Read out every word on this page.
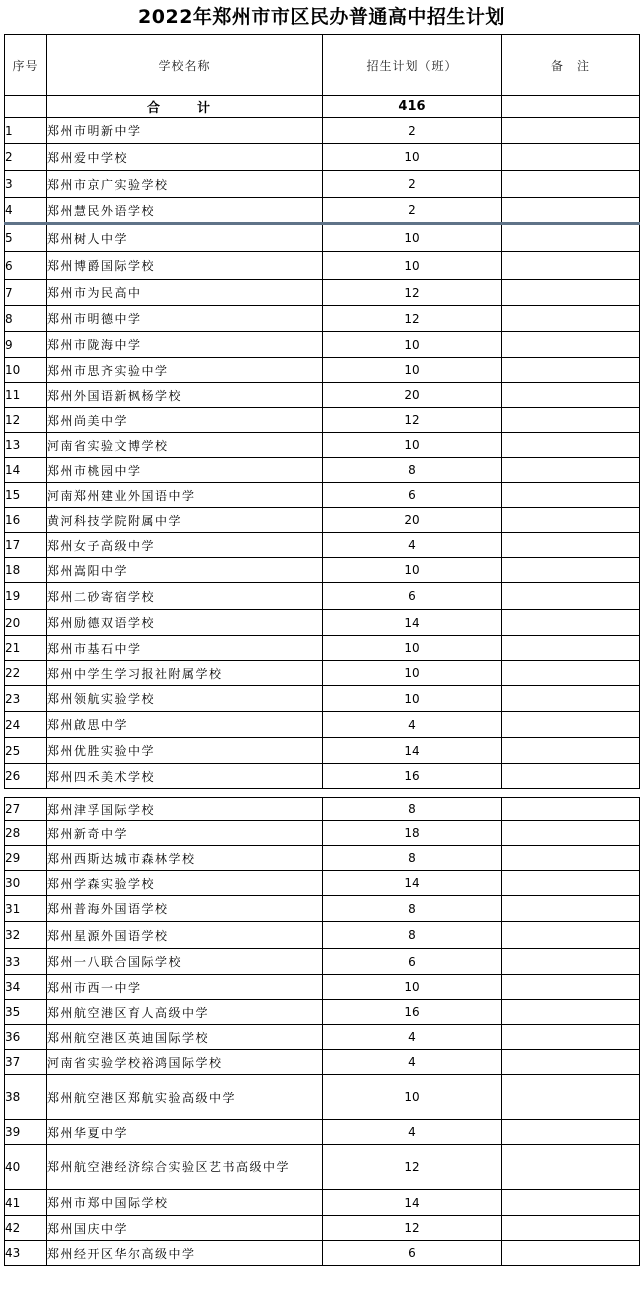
2022年郑州市市区民办普通高中招生计划
序号	学校名称	招生计划（班）	备　注
	合　计	416	
1	郑州市明新中学	2	
2	郑州爱中学校	10	
3	郑州市京广实验学校	2	
4	郑州慧民外语学校	2	
5	郑州树人中学	10	
6	郑州博爵国际学校	10	
7	郑州市为民高中	12	
8	郑州市明德中学	12	
9	郑州市陇海中学	10	
10	郑州市思齐实验中学	10	
11	郑州外国语新枫杨学校	20	
12	郑州尚美中学	12	
13	河南省实验文博学校	10	
14	郑州市桃园中学	8	
15	河南郑州建业外国语中学	6	
16	黄河科技学院附属中学	20	
17	郑州女子高级中学	4	
18	郑州嵩阳中学	10	
19	郑州二砂寄宿学校	6	
20	郑州励德双语学校	14	
21	郑州市基石中学	10	
22	郑州中学生学习报社附属学校	10	
23	郑州领航实验学校	10	
24	郑州啟思中学	4	
25	郑州优胜实验中学	14	
26	郑州四禾美术学校	16	

27	郑州津孚国际学校	8	
28	郑州新奇中学	18	
29	郑州西斯达城市森林学校	8	
30	郑州学森实验学校	14	
31	郑州普海外国语学校	8	
32	郑州星源外国语学校	8	
33	郑州一八联合国际学校	6	
34	郑州市西一中学	10	
35	郑州航空港区育人高级中学	16	
36	郑州航空港区英迪国际学校	4	
37	河南省实验学校裕鸿国际学校	4	
38	郑州航空港区郑航实验高级中学	10	
39	郑州华夏中学	4	
40	郑州航空港经济综合实验区艺书高级中学	12	
41	郑州市郑中国际学校	14	
42	郑州国庆中学	12	
43	郑州经开区华尔高级中学	6	
